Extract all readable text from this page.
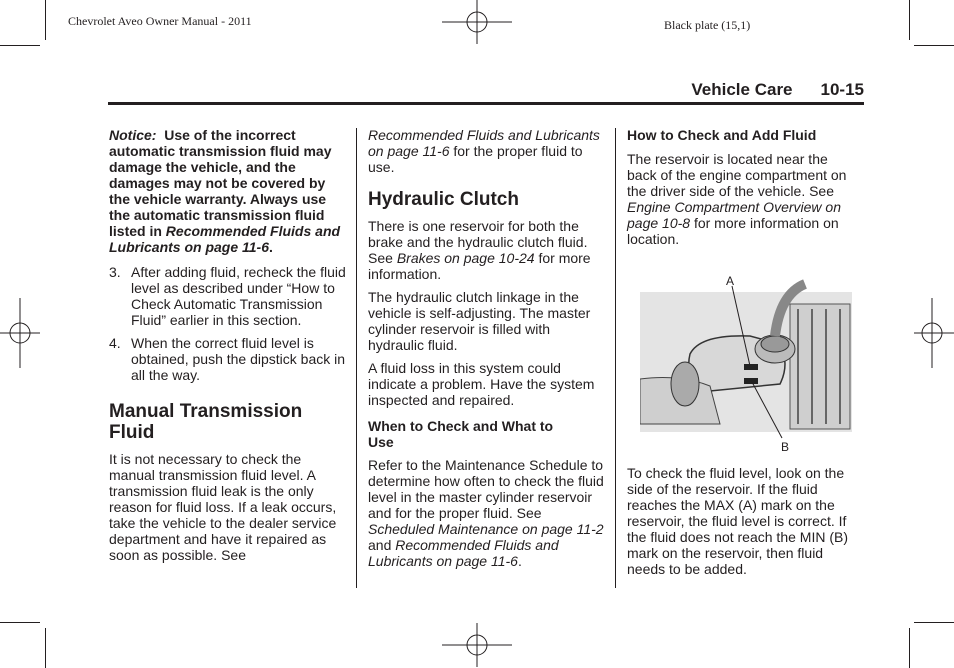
Chevrolet Aveo Owner Manual - 2011	Black plate (15,1)
Vehicle Care 10-15

Notice: Use of the incorrect automatic transmission fluid may damage the vehicle, and the damages may not be covered by the vehicle warranty. Always use the automatic transmission fluid listed in Recommended Fluids and Lubricants on page 11-6.

3. After adding fluid, recheck the fluid level as described under “How to Check Automatic Transmission Fluid” earlier in this section.
4. When the correct fluid level is obtained, push the dipstick back in all the way.
Manual Transmission Fluid

It is not necessary to check the manual transmission fluid level. A transmission fluid leak is the only reason for fluid loss. If a leak occurs, take the vehicle to the dealer service department and have it repaired as soon as possible. See

Recommended Fluids and Lubricants on page 11-6 for the proper fluid to use.

Hydraulic Clutch

There is one reservoir for both the brake and the hydraulic clutch fluid. See Brakes on page 10-24 for more information.

The hydraulic clutch linkage in the vehicle is self-adjusting. The master cylinder reservoir is filled with hydraulic fluid.

A fluid loss in this system could indicate a problem. Have the system inspected and repaired.

When to Check and What to Use

Refer to the Maintenance Schedule to determine how often to check the fluid level in the master cylinder reservoir and for the proper fluid. See Scheduled Maintenance on page 11-2 and Recommended Fluids and Lubricants on page 11-6.

How to Check and Add Fluid

The reservoir is located near the back of the engine compartment on the driver side of the vehicle. See Engine Compartment Overview on page 10-8 for more information on location.

To check the fluid level, look on the side of the reservoir. If the fluid reaches the MAX (A) mark on the reservoir, the fluid level is correct. If the fluid does not reach the MIN (B) mark on the reservoir, then fluid needs to be added.

A
B
